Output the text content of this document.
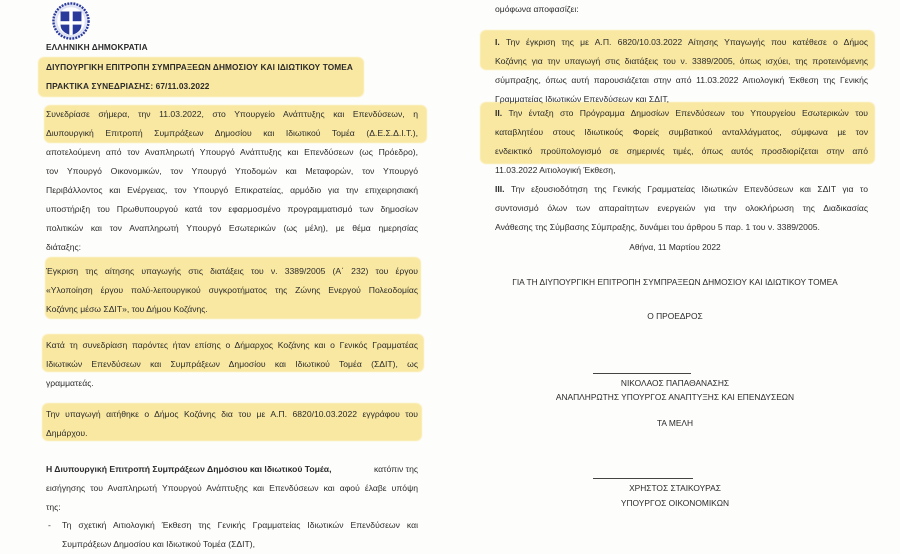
ΕΛΛΗΝΙΚΗ ΔΗΜΟΚΡΑΤΙΑ
ΔΙΥΠΟΥΡΓΙΚΗ ΕΠΙΤΡΟΠΗ ΣΥΜΠΡΑΞΕΩΝ ΔΗΜΟΣΙΟΥ ΚΑΙ ΙΔΙΩΤΙΚΟΥ ΤΟΜΕΑ
ΠΡΑΚΤΙΚΑ ΣΥΝΕΔΡΙΑΣΗΣ: 67/11.03.2022
Συνεδρίασε σήμερα, την 11.03.2022, στο Υπουργείο Ανάπτυξης και Επενδύσεων, η
Διυπουργική Επιτροπή Συμπράξεων Δημοσίου και Ιδιωτικού Τομέα (Δ.Ε.Σ.Δ.Ι.Τ.),
αποτελούμενη από τον Αναπληρωτή Υπουργό Ανάπτυξης και Επενδύσεων (ως Πρόεδρο),
τον Υπουργό Οικονομικών, τον Υπουργό Υποδομών και Μεταφορών, τον Υπουργό
Περιβάλλοντος και Ενέργειας, τον Υπουργό Επικρατείας, αρμόδιο για την επιχειρησιακή
υποστήριξη του Πρωθυπουργού κατά τον εφαρμοσμένο προγραμματισμό των δημοσίων
πολιτικών και τον Αναπληρωτή Υπουργό Εσωτερικών (ως μέλη), με θέμα ημερησίας
διάταξης:
Έγκριση της αίτησης υπαγωγής στις διατάξεις του ν. 3389/2005 (Α΄ 232) του έργου
«Υλοποίηση έργου πολύ-λειτουργικού συγκροτήματος της Ζώνης Ενεργού Πολεοδομίας
Κοζάνης μέσω ΣΔΙΤ», του Δήμου Κοζάνης.
Κατά τη συνεδρίαση παρόντες ήταν επίσης ο Δήμαρχος Κοζάνης και ο Γενικός Γραμματέας
Ιδιωτικών Επενδύσεων και Συμπράξεων Δημοσίου και Ιδιωτικού Τομέα (ΣΔΙΤ), ως
γραμματεάς.
Την υπαγωγή αιτήθηκε ο Δήμος Κοζάνης δια του με Α.Π. 6820/10.03.2022 εγγράφου του
Δημάρχου.
Η Διυπουργική Επιτροπή Συμπράξεων Δημόσιου και Ιδιωτικού Τομέα,	κατόπιν της
εισήγησης του Αναπληρωτή Υπουργού Ανάπτυξης και Επενδύσεων και αφού έλαβε υπόψη
της:
- Τη σχετική Αιτιολογική Έκθεση της Γενικής Γραμματείας Ιδιωτικών Επενδύσεων και
Συμπράξεων Δημοσίου και Ιδιωτικού Τομέα (ΣΔΙΤ),
ομόφωνα αποφασίζει:
I. Την έγκριση της με Α.Π. 6820/10.03.2022 Αίτησης Υπαγωγής που κατέθεσε ο Δήμος
Κοζάνης για την υπαγωγή στις διατάξεις του ν. 3389/2005, όπως ισχύει, της προτεινόμενης
σύμπραξης, όπως αυτή παρουσιάζεται στην από 11.03.2022 Αιτιολογική Έκθεση της Γενικής
Γραμματείας Ιδιωτικών Επενδύσεων και ΣΔΙΤ,
II. Την ένταξη στο Πρόγραμμα Δημοσίων Επενδύσεων του Υπουργείου Εσωτερικών του
καταβλητέου στους Ιδιωτικούς Φορείς συμβατικού ανταλλάγματος, σύμφωνα με τον
ενδεικτικό προϋπολογισμό σε σημερινές τιμές, όπως αυτός προσδιορίζεται στην από
11.03.2022 Αιτιολογική Έκθεση,
III. Την εξουσιοδότηση της Γενικής Γραμματείας Ιδιωτικών Επενδύσεων και ΣΔΙΤ για το
συντονισμό όλων των απαραίτητων ενεργειών για την ολοκλήρωση της Διαδικασίας
Ανάθεσης της Σύμβασης Σύμπραξης, δυνάμει του άρθρου 5 παρ. 1 του ν. 3389/2005.
Αθήνα, 11 Μαρτίου 2022
ΓΙΑ ΤΗ ΔΙΥΠΟΥΡΓΙΚΗ ΕΠΙΤΡΟΠΗ ΣΥΜΠΡΑΞΕΩΝ ΔΗΜΟΣΙΟΥ ΚΑΙ ΙΔΙΩΤΙΚΟΥ ΤΟΜΕΑ
Ο ΠΡΟΕΔΡΟΣ
ΝΙΚΟΛΑΟΣ ΠΑΠΑΘΑΝΑΣΗΣ
ΑΝΑΠΛΗΡΩΤΗΣ ΥΠΟΥΡΓΟΣ ΑΝΑΠΤΥΞΗΣ ΚΑΙ ΕΠΕΝΔΥΣΕΩΝ
ΤΑ ΜΕΛΗ
ΧΡΗΣΤΟΣ ΣΤΑΙΚΟΥΡΑΣ
ΥΠΟΥΡΓΟΣ ΟΙΚΟΝΟΜΙΚΩΝ
